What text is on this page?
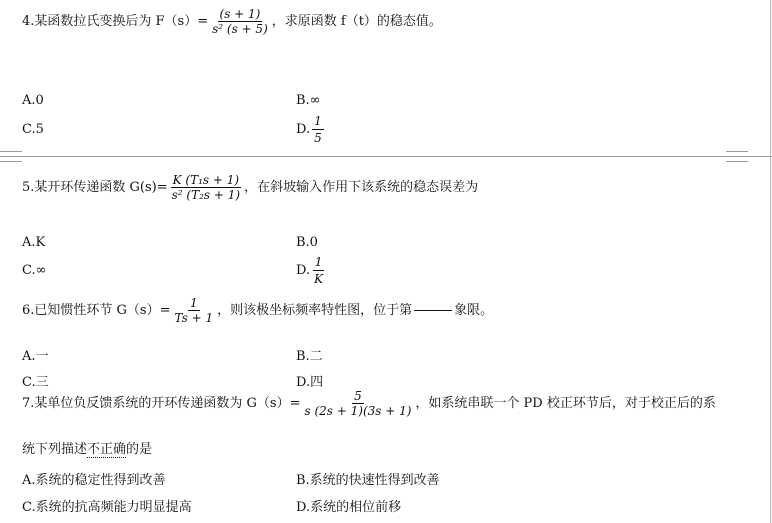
4.某函数拉氏变换后为 $F(s)= \frac{(s + 1)}{\text{s² (s + 5)}}$ ，求原函数 f（t）的稳态值。
A.0	B.∞
C.5	D. $\frac{1}{5}$
5.某开环传递函数 $G(s)= \frac{\text{K (T₁s + 1)}}{\text{s² (T₂s + 1)}}$ ，在斜坡输入作用下该系统的稳态误差为
A.K	B.0
C.∞	D. $\frac{1}{K}$
6.已知惯性环节 $G(s)= \frac{1}{Ts + 1}$ ，则该极坐标频率特性图，位于第	象限。
A.一	B.二
C.三	D.四
7.某单位负反馈系统的开环传递函数为 $G(s)= \frac{5}{s (2s + 1)(3s + 1)}$ ，如系统串联一个 PD 校正环节后，对于校正后的系
统下列描述不正确的是
A.系统的稳定性得到改善	B.系统的快速性得到改善
C.系统的抗高频能力明显提高	D.系统的相位前移
